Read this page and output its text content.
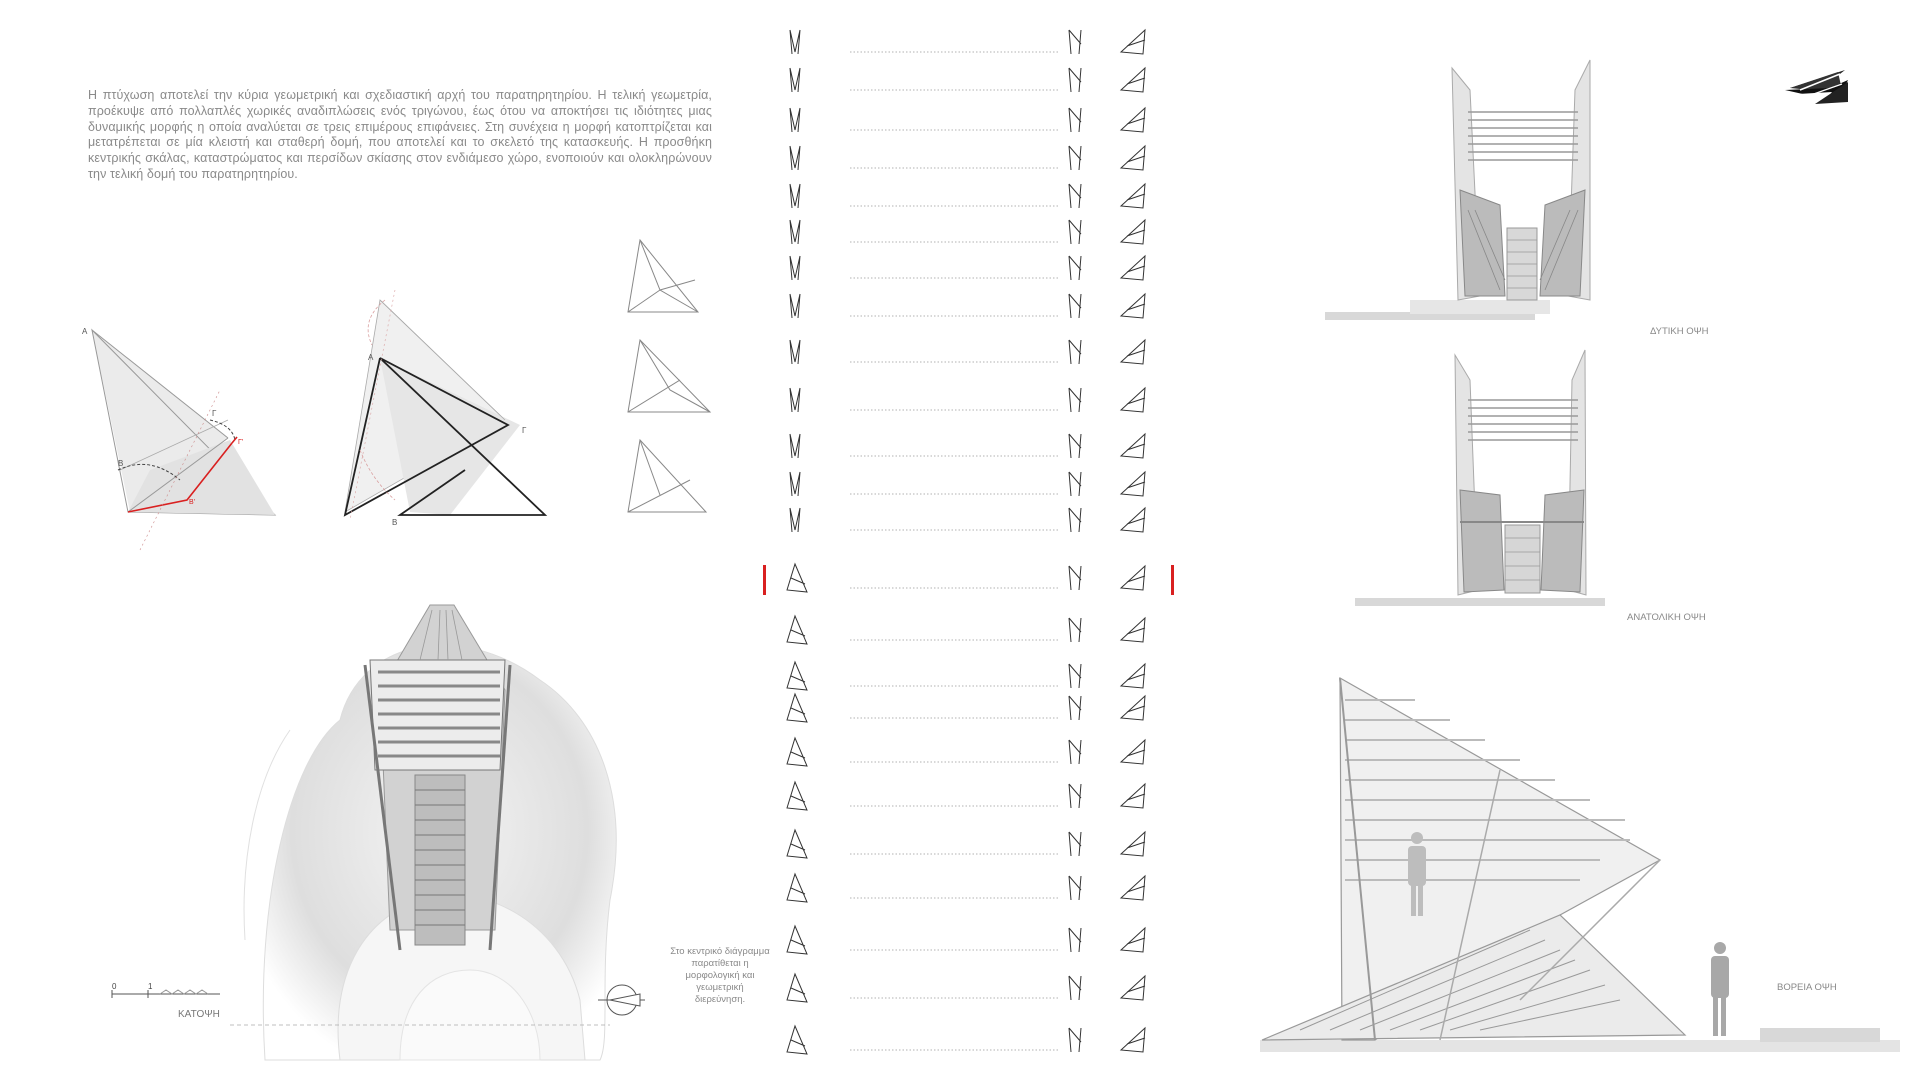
Η πτύχωση αποτελεί την κύρια γεωμετρική και σχεδιαστική αρχή του παρατηρητηρίου. Η τελική γεωμετρία, προέκυψε από πολλαπλές χωρικές αναδιπλώσεις ενός τριγώνου, έως ότου να αποκτήσει τις ιδιότητες μιας δυναμικής μορφής η οποία αναλύεται σε τρεις επιμέρους επιφάνειες. Στη συνέχεια η μορφή κατοπτρίζεται και μετατρέπεται σε μία κλειστή και σταθερή δομή, που αποτελεί και το σκελετό της κατασκευής. Η προσθήκη κεντρικής σκάλας, καταστρώματος και περσίδων σκίασης στον ενδιάμεσο χώρο, ενοποιούν και ολοκληρώνουν την τελική δομή του παρατηρητηρίου.
Α
Β
Γ
Β'
Γ'
Α
Β
Γ
0	1
ΚΑΤΟΨΗ
ΔΥΤΙΚΗ ΟΨΗ
ΑΝΑΤΟΛΙΚΗ ΟΨΗ
ΒΟΡΕΙΑ ΟΨΗ
Στο κεντρικό διάγραμμα παρατίθεται η μορφολογική και γεωμετρική διερεύνηση.
